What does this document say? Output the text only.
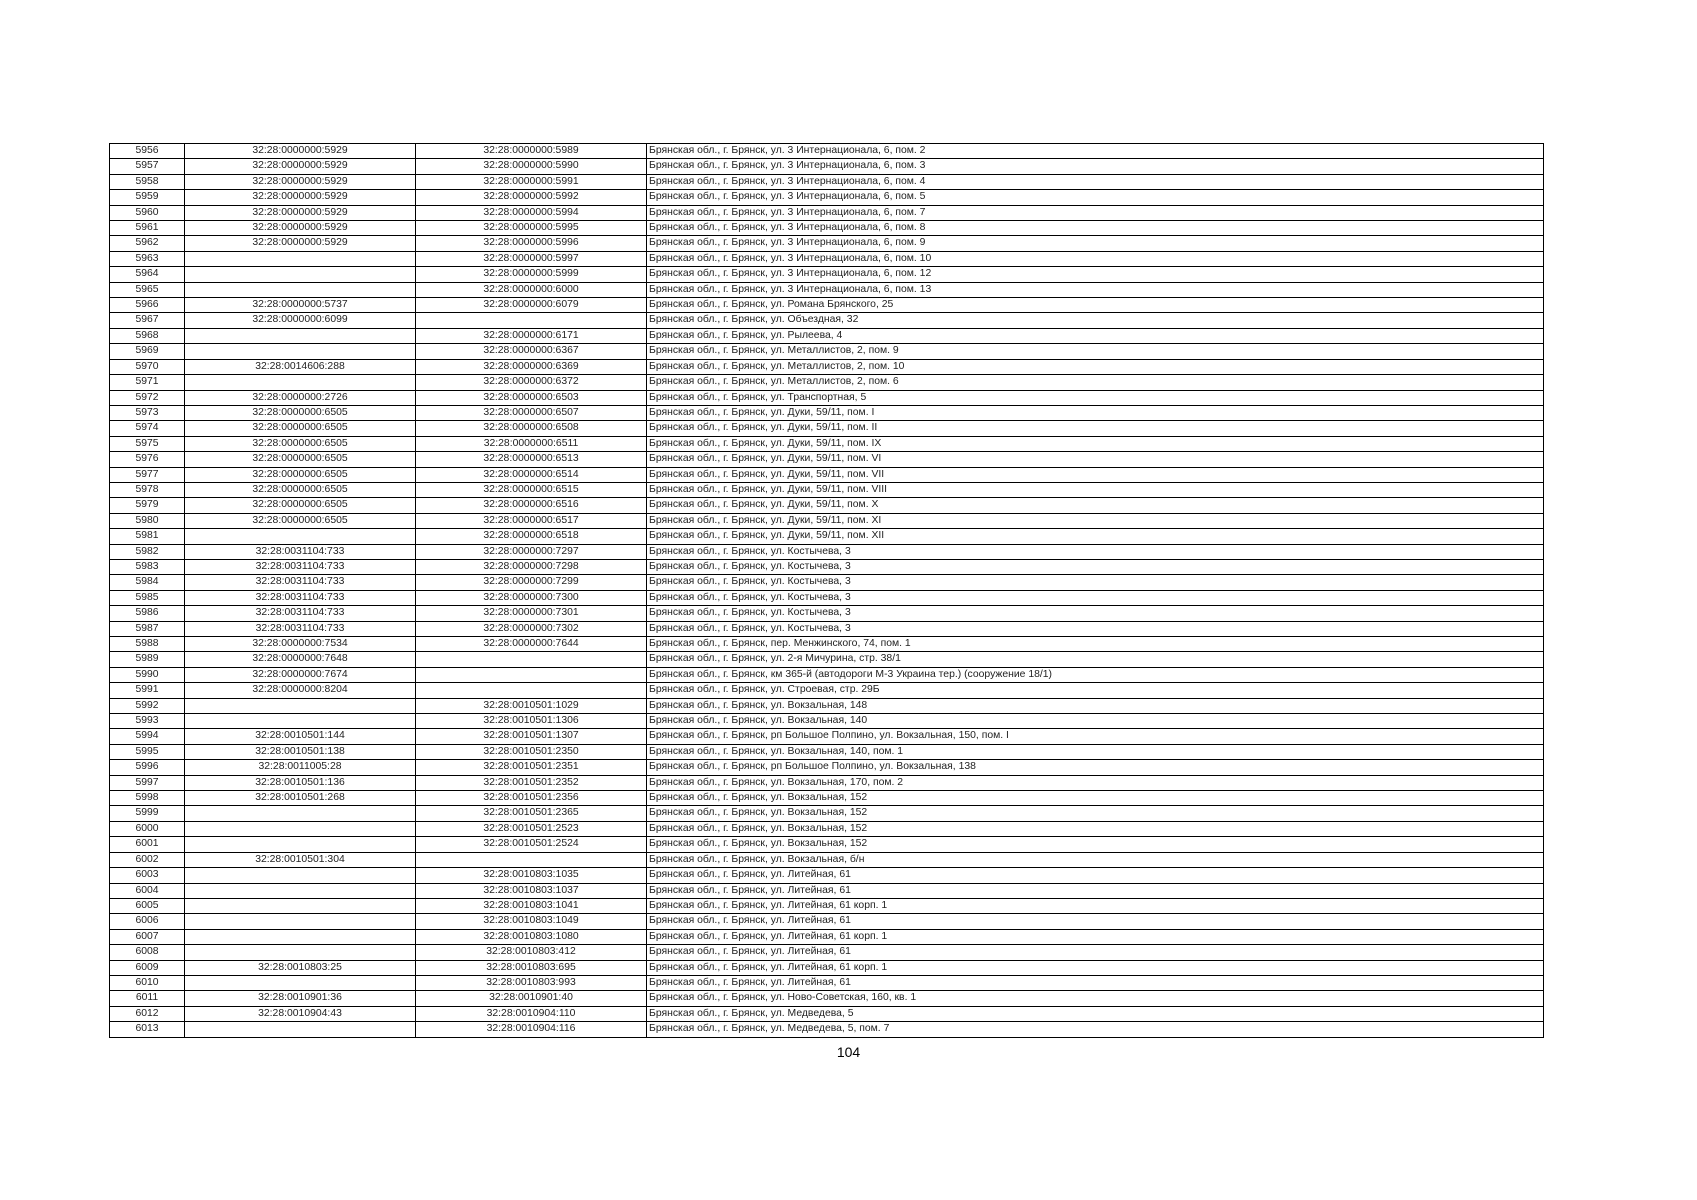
5956	32:28:0000000:5929	32:28:0000000:5989	Брянская обл., г. Брянск, ул. 3 Интернационала, 6, пом. 2
5957	32:28:0000000:5929	32:28:0000000:5990	Брянская обл., г. Брянск, ул. 3 Интернационала, 6, пом. 3
5958	32:28:0000000:5929	32:28:0000000:5991	Брянская обл., г. Брянск, ул. 3 Интернационала, 6, пом. 4
5959	32:28:0000000:5929	32:28:0000000:5992	Брянская обл., г. Брянск, ул. 3 Интернационала, 6, пом. 5
5960	32:28:0000000:5929	32:28:0000000:5994	Брянская обл., г. Брянск, ул. 3 Интернационала, 6, пом. 7
5961	32:28:0000000:5929	32:28:0000000:5995	Брянская обл., г. Брянск, ул. 3 Интернационала, 6, пом. 8
5962	32:28:0000000:5929	32:28:0000000:5996	Брянская обл., г. Брянск, ул. 3 Интернационала, 6, пом. 9
5963		32:28:0000000:5997	Брянская обл., г. Брянск, ул. 3 Интернационала, 6, пом. 10
5964		32:28:0000000:5999	Брянская обл., г. Брянск, ул. 3 Интернационала, 6, пом. 12
5965		32:28:0000000:6000	Брянская обл., г. Брянск, ул. 3 Интернационала, 6, пом. 13
5966	32:28:0000000:5737	32:28:0000000:6079	Брянская обл., г. Брянск, ул. Романа Брянского, 25
5967	32:28:0000000:6099		Брянская обл., г. Брянск, ул. Объездная, 32
5968		32:28:0000000:6171	Брянская обл., г. Брянск, ул. Рылеева, 4
5969		32:28:0000000:6367	Брянская обл., г. Брянск, ул. Металлистов, 2, пом. 9
5970	32:28:0014606:288	32:28:0000000:6369	Брянская обл., г. Брянск, ул. Металлистов, 2, пом. 10
5971		32:28:0000000:6372	Брянская обл., г. Брянск, ул. Металлистов, 2, пом. 6
5972	32:28:0000000:2726	32:28:0000000:6503	Брянская обл., г. Брянск, ул. Транспортная, 5
5973	32:28:0000000:6505	32:28:0000000:6507	Брянская обл., г. Брянск, ул. Дуки, 59/11, пом. I
5974	32:28:0000000:6505	32:28:0000000:6508	Брянская обл., г. Брянск, ул. Дуки, 59/11, пом. II
5975	32:28:0000000:6505	32:28:0000000:6511	Брянская обл., г. Брянск, ул. Дуки, 59/11, пом. IX
5976	32:28:0000000:6505	32:28:0000000:6513	Брянская обл., г. Брянск, ул. Дуки, 59/11, пом. VI
5977	32:28:0000000:6505	32:28:0000000:6514	Брянская обл., г. Брянск, ул. Дуки, 59/11, пом. VII
5978	32:28:0000000:6505	32:28:0000000:6515	Брянская обл., г. Брянск, ул. Дуки, 59/11, пом. VIII
5979	32:28:0000000:6505	32:28:0000000:6516	Брянская обл., г. Брянск, ул. Дуки, 59/11, пом. X
5980	32:28:0000000:6505	32:28:0000000:6517	Брянская обл., г. Брянск, ул. Дуки, 59/11, пом. XI
5981		32:28:0000000:6518	Брянская обл., г. Брянск, ул. Дуки, 59/11, пом. XII
5982	32:28:0031104:733	32:28:0000000:7297	Брянская обл., г. Брянск, ул. Костычева, 3
5983	32:28:0031104:733	32:28:0000000:7298	Брянская обл., г. Брянск, ул. Костычева, 3
5984	32:28:0031104:733	32:28:0000000:7299	Брянская обл., г. Брянск, ул. Костычева, 3
5985	32:28:0031104:733	32:28:0000000:7300	Брянская обл., г. Брянск, ул. Костычева, 3
5986	32:28:0031104:733	32:28:0000000:7301	Брянская обл., г. Брянск, ул. Костычева, 3
5987	32:28:0031104:733	32:28:0000000:7302	Брянская обл., г. Брянск, ул. Костычева, 3
5988	32:28:0000000:7534	32:28:0000000:7644	Брянская обл., г. Брянск, пер. Менжинского, 74, пом. 1
5989	32:28:0000000:7648		Брянская обл., г. Брянск, ул. 2-я Мичурина, стр. 38/1
5990	32:28:0000000:7674		Брянская обл., г. Брянск, км 365-й (автодороги М-3 Украина тер.) (сооружение 18/1)
5991	32:28:0000000:8204		Брянская обл., г. Брянск, ул. Строевая, стр. 29Б
5992		32:28:0010501:1029	Брянская обл., г. Брянск, ул. Вокзальная, 148
5993		32:28:0010501:1306	Брянская обл., г. Брянск, ул. Вокзальная, 140
5994	32:28:0010501:144	32:28:0010501:1307	Брянская обл., г. Брянск, рп Большое Полпино, ул. Вокзальная, 150, пом. I
5995	32:28:0010501:138	32:28:0010501:2350	Брянская обл., г. Брянск, ул. Вокзальная, 140, пом. 1
5996	32:28:0011005:28	32:28:0010501:2351	Брянская обл., г. Брянск, рп Большое Полпино, ул. Вокзальная, 138
5997	32:28:0010501:136	32:28:0010501:2352	Брянская обл., г. Брянск, ул. Вокзальная, 170, пом. 2
5998	32:28:0010501:268	32:28:0010501:2356	Брянская обл., г. Брянск, ул. Вокзальная, 152
5999		32:28:0010501:2365	Брянская обл., г. Брянск, ул. Вокзальная, 152
6000		32:28:0010501:2523	Брянская обл., г. Брянск, ул. Вокзальная, 152
6001		32:28:0010501:2524	Брянская обл., г. Брянск, ул. Вокзальная, 152
6002	32:28:0010501:304		Брянская обл., г. Брянск, ул. Вокзальная, б/н
6003		32:28:0010803:1035	Брянская обл., г. Брянск, ул. Литейная, 61
6004		32:28:0010803:1037	Брянская обл., г. Брянск, ул. Литейная, 61
6005		32:28:0010803:1041	Брянская обл., г. Брянск, ул. Литейная, 61 корп. 1
6006		32:28:0010803:1049	Брянская обл., г. Брянск, ул. Литейная, 61
6007		32:28:0010803:1080	Брянская обл., г. Брянск, ул. Литейная, 61 корп. 1
6008		32:28:0010803:412	Брянская обл., г. Брянск, ул. Литейная, 61
6009	32:28:0010803:25	32:28:0010803:695	Брянская обл., г. Брянск, ул. Литейная, 61 корп. 1
6010		32:28:0010803:993	Брянская обл., г. Брянск, ул. Литейная, 61
6011	32:28:0010901:36	32:28:0010901:40	Брянская обл., г. Брянск, ул. Ново-Советская, 160, кв. 1
6012	32:28:0010904:43	32:28:0010904:110	Брянская обл., г. Брянск, ул. Медведева, 5
6013		32:28:0010904:116	Брянская обл., г. Брянск, ул. Медведева, 5, пом. 7
104
